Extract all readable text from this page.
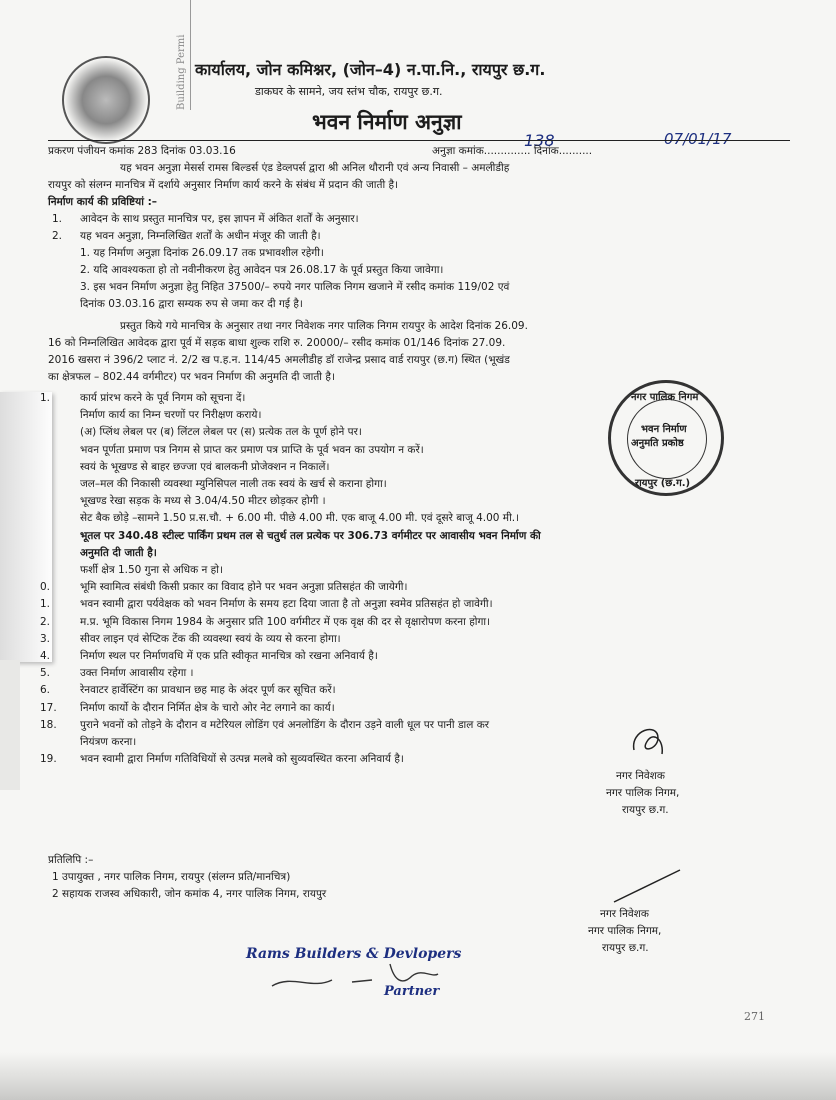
Building Permi कार्यालय, जोन कमिश्नर, (जोन–4) न.पा.नि., रायपुर छ.ग.
डाकघर के सामने, जय स्तंभ चौक, रायपुर छ.ग.
भवन निर्माण अनुज्ञा
138	07/01/17
प्रकरण पंजीयन कमांक 283 दिनांक 03.03.16	अनुज्ञा कमांक.............. दिनांक..........
यह भवन अनुज्ञा मेसर्स रामस बिल्डर्स एंड डेव्लपर्स द्वारा श्री अनिल थौरानी एवं अन्य निवासी – अमलीडीह
रायपुर को संलग्न मानचित्र में दर्शाये अनुसार निर्माण कार्य करने के संबंध में प्रदान की जाती है।
निर्माण कार्य की प्रविष्टियां :–
1. आवेदन के साथ प्रस्तुत मानचित्र पर, इस ज्ञापन में अंकित शर्तों के अनुसार।
2. यह भवन अनुज्ञा, निम्नलिखित शर्तों के अधीन मंजूर की जाती है।
1. यह निर्माण अनुज्ञा दिनांक 26.09.17 तक प्रभावशील रहेगी।
2. यदि आवश्यकता हो तो नवीनीकरण हेतु आवेदन पत्र 26.08.17 के पूर्व प्रस्तुत किया जावेगा।
3. इस भवन निर्माण अनुज्ञा हेतु निहित 37500/– रुपये नगर पालिक निगम खजाने में रसीद कमांक 119/02 एवं
दिनांक 03.03.16 द्वारा सम्यक रुप से जमा कर दी गई है।
प्रस्तुत किये गये मानचित्र के अनुसार तथा नगर निवेशक नगर पालिक निगम रायपुर के आदेश दिनांक 26.09.
16 को निम्नलिखित आवेदक द्वारा पूर्व में सड़क बाधा शुल्क राशि रु. 20000/– रसीद कमांक 01/146 दिनांक 27.09.
2016 खसरा नं 396/2 प्लाट नं. 2/2 ख प.ह.न. 114/45 अमलीडीह डॉ राजेन्द्र प्रसाद वार्ड रायपुर (छ.ग) स्थित (भूखंड
का क्षेत्रफल – 802.44 वर्गमीटर) पर भवन निर्माण की अनुमति दी जाती है।
1.	कार्य प्रांरभ करने के पूर्व निगम को सूचना दें।
निर्माण कार्य का निम्न चरणों पर निरीक्षण कराये।
(अ) प्लिंथ लेबल पर (ब) लिंटल लेबल पर (स) प्रत्येक तल के पूर्ण होने पर।
भवन पूर्णता प्रमाण पत्र निगम से प्राप्त कर प्रमाण पत्र प्राप्ति के पूर्व भवन का उपयोग न करें।
स्वयं के भूखण्ड से बाहर छज्जा एवं बालकनी प्रोजेक्शन न निकालें।
जल–मल की निकासी व्यवस्था म्युनिसिपल नाली तक स्वयं के खर्च से कराना होगा।
भूखण्ड रेखा सड़क के मध्य से 3.04/4.50 मीटर छोड़कर होगी ।
सेट बैक छोड़े –सामने 1.50 प्र.स.चौ. + 6.00 मी. पीछे 4.00 मी. एक बाजू 4.00 मी. एवं दूसरे बाजू 4.00 मी.।
भूतल पर 340.48 स्टील्ट पार्किंग प्रथम तल से चतुर्थ तल प्रत्येक पर 306.73 वर्गमीटर पर आवासीय भवन निर्माण की
अनुमति दी जाती है।
फर्शी क्षेत्र 1.50 गुना से अधिक न हो।
0.	भूमि स्वामित्व संबंधी किसी प्रकार का विवाद होने पर भवन अनुज्ञा प्रतिसहंत की जायेगी।
1.	भवन स्वामी द्वारा पर्यवेक्षक को भवन निर्माण के समय हटा दिया जाता है तो अनुज्ञा स्वमेव प्रतिसहंत हो जावेगी।
2.	म.प्र. भूमि विकास निगम 1984 के अनुसार प्रति 100 वर्गमीटर में एक वृक्ष की दर से वृक्षारोपण करना होगा।
3.	सीवर लाइन एवं सेप्टिक टेंक की व्यवस्था स्वयं के व्यय से करना होगा।
4.	निर्माण स्थल पर निर्माणवधि में एक प्रति स्वीकृत मानचित्र को रखना अनिवार्य है।
5.	उक्त निर्माण आवासीय रहेगा ।
6.	रेनवाटर हार्वेस्टिंग का प्रावधान छह माह के अंदर पूर्ण कर सूचित करें।
17. निर्माण कार्यो के दौरान निर्मित क्षेत्र के चारो ओर नेट लगाने का कार्य।
18. पुराने भवनों को तोड़ने के दौरान व मटेरियल लोडिंग एवं अनलोडिंग के दौरान उड़ने वाली धूल पर पानी डाल कर
नियंत्रण करना।
19. भवन स्वामी द्वारा निर्माण गतिविधियों से उत्पन्न मलबे को सुव्यवस्थित करना अनिवार्य है।
नगर पालिक निगम
भवन निर्माण
अनुमति प्रकोष्ठ
रायपुर (छ.ग.)
नगर निवेशक
नगर पालिक निगम,
रायपुर छ.ग.
प्रतिलिपि :–
1 उपायुक्त , नगर पालिक निगम, रायपुर (संलग्न प्रति/मानचित्र)
2 सहायक राजस्व अधिकारी, जोन कमांक 4, नगर पालिक निगम, रायपुर
नगर निवेशक
नगर पालिक निगम,
रायपुर छ.ग.
Rams Builders & Devlopers
Partner
271
